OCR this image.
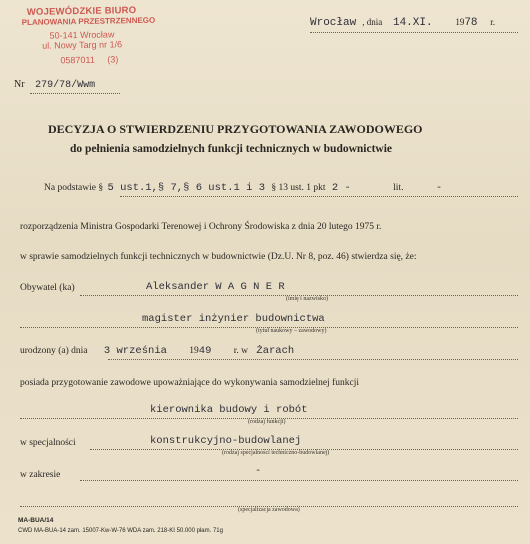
WOJEWÓDZKIE BIURO
PLANOWANIA PRZESTRZENNEGO
50-141 Wrocław
ul. Nowy Targ nr 1/6
0587011 (3)
Wrocław , dnia 14.XI.	1978 r.
Nr 279/78/Wwm
DECYZJA O STWIERDZENIU PRZYGOTOWANIA ZAWODOWEGO
do pełnienia samodzielnych funkcji technicznych w budownictwie
Na podstawie § 5 ust.1,§ 7,§ 6 ust.1 i 3 § 13 ust. 1 pkt 2 -	lit.	-
rozporządzenia Ministra Gospodarki Terenowej i Ochrony Środowiska z dnia 20 lutego 1975 r.
w sprawie samodzielnych funkcji technicznych w budownictwie (Dz.U. Nr 8, poz. 46) stwierdza się, że:
Obywatel (ka)	Aleksander W A G N E R
(imię i nazwisko)
magister inżynier budownictwa
(tytuł naukowy – zawodowy)
urodzony (a) dnia 3 września 1949 r. w Żarach
posiada przygotowanie zawodowe upoważniające do wykonywania samodzielnej funkcji
kierownika budowy i robót
(rodzaj funkcji)
w specjalności	konstrukcyjno-budowlanej
(rodzaj specjalności techniczno-budowlanej)
w zakresie	-
(specjalizacja zawodowa)
MA-BUA/14
CWD MA-BUA-14 zam. 15007-Kw-W-76 WDA zam. 218-KI 50.000 płam. 71g
